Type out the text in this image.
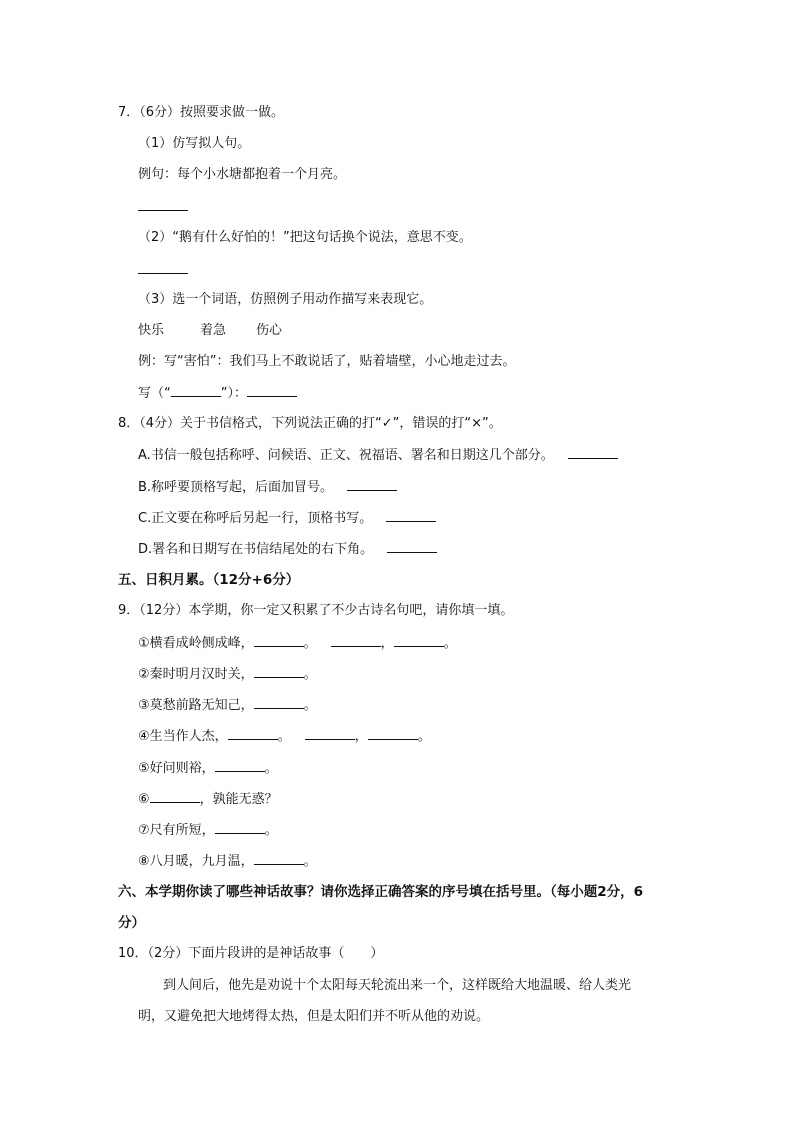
7．（6分）按照要求做一做。
（1）仿写拟人句。
例句：每个小水塘都抱着一个月亮。
（2）“鹅有什么好怕的！”把这句话换个说法，意思不变。
（3）选一个词语，仿照例子用动作描写来表现它。
快乐	着急 伤心
例：写“害怕”：我们马上不敢说话了，贴着墙壁，小心地走过去。
写（“	”）：
8．（4分）关于书信格式，下列说法正确的打“✓”，错误的打“×”。
A.书信一般包括称呼、问候语、正文、祝福语、署名和日期这几个部分。
B.称呼要顶格写起，后面加冒号。
C.正文要在称呼后另起一行，顶格书写。
D.署名和日期写在书信结尾处的右下角。
五、日积月累。（12分+6分）
9．（12分）本学期，你一定又积累了不少古诗名句吧，请你填一填。
①横看成岭侧成峰，	。	，	。
②秦时明月汉时关，	。
③莫愁前路无知己，	。
④生当作人杰，	。	，	。
⑤好问则裕，	。
⑥	，孰能无惑？
⑦尺有所短，	。
⑧八月暖，九月温，	。
六、本学期你读了哪些神话故事？请你选择正确答案的序号填在括号里。（每小题2分，6
分）
10．（2分）下面片段讲的是神话故事（　　）
到人间后，他先是劝说十个太阳每天轮流出来一个，这样既给大地温暖、给人类光
明，又避免把大地烤得太热，但是太阳们并不听从他的劝说。
